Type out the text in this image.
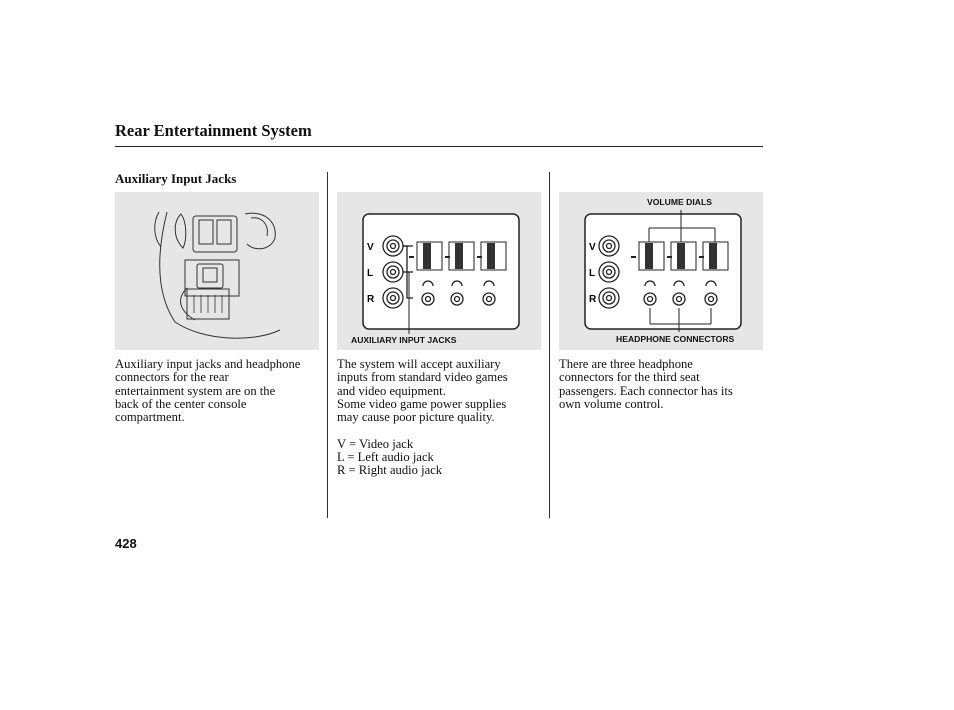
Rear Entertainment System
Auxiliary Input Jacks
V
L
R
AUXILIARY INPUT JACKS
V
L
R
VOLUME DIALS
HEADPHONE CONNECTORS
Auxiliary input jacks and headphone
connectors for the rear
entertainment system are on the
back of the center console
compartment.
The system will accept auxiliary
inputs from standard video games
and video equipment.
Some video game power supplies
may cause poor picture quality.

V = Video jack
L = Left audio jack
R = Right audio jack
There are three headphone
connectors for the third seat
passengers. Each connector has its
own volume control.
428
